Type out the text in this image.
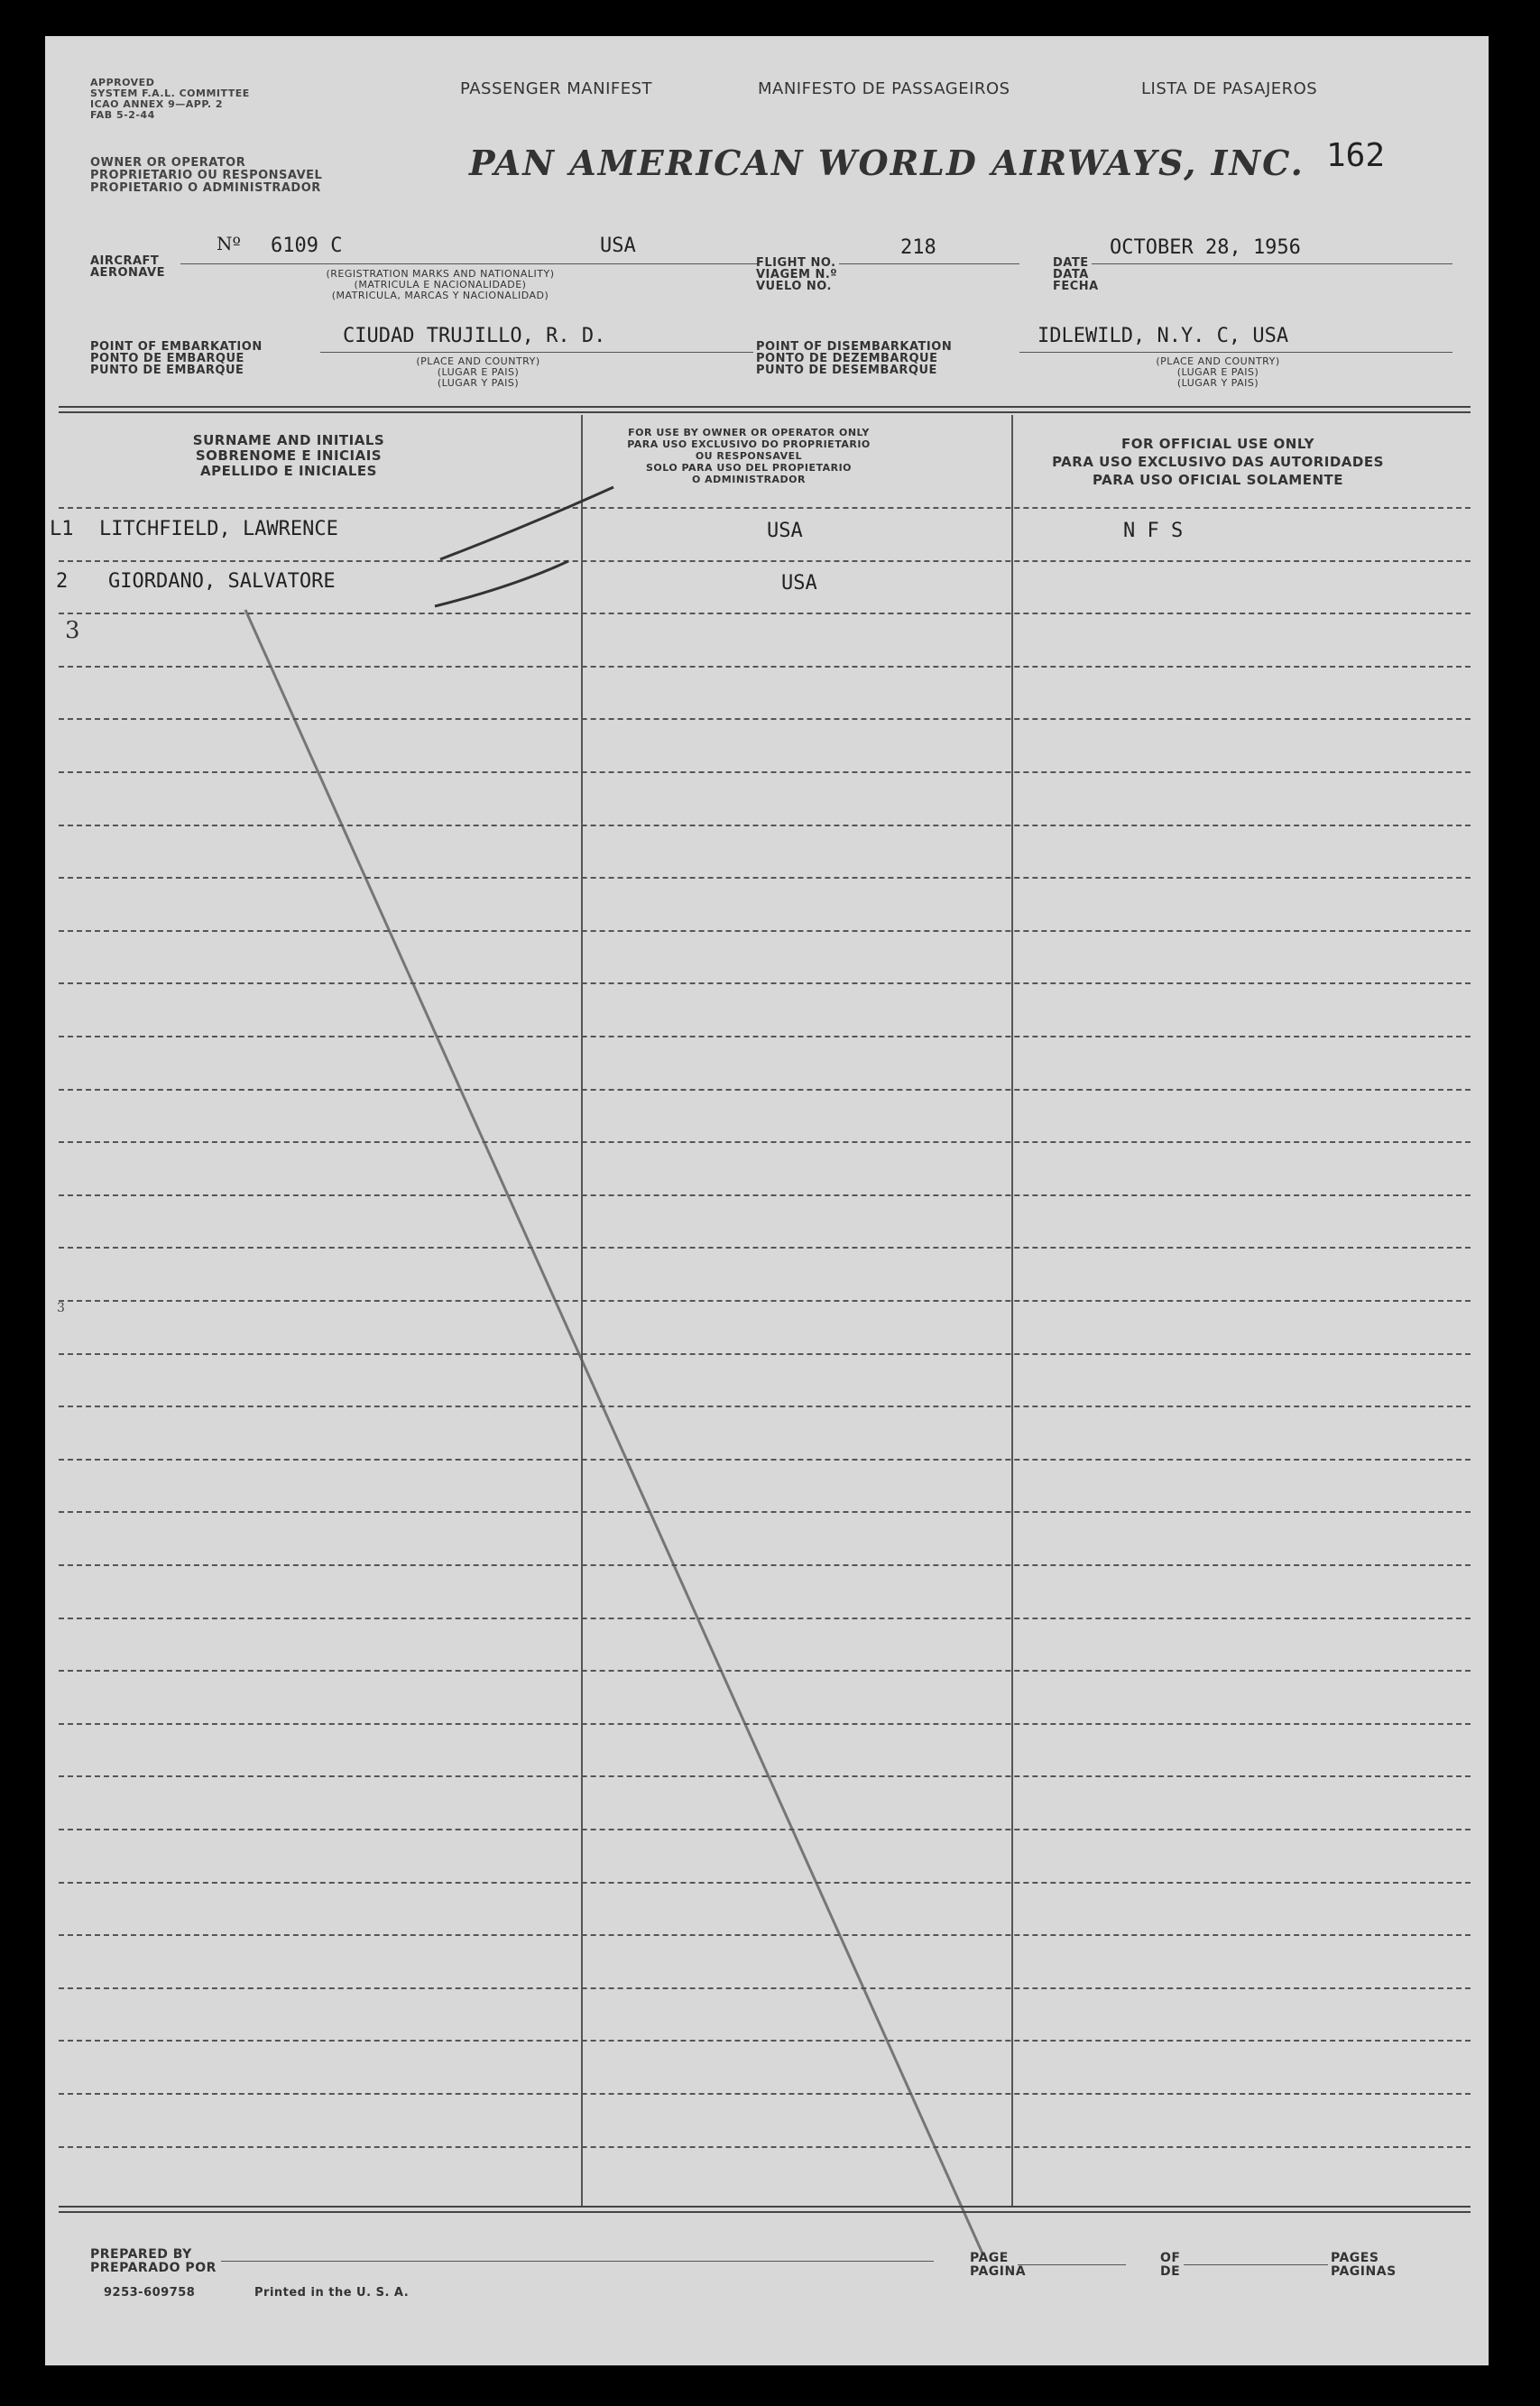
APPROVED
SYSTEM F.A.L. COMMITTEE
ICAO ANNEX 9—APP. 2
FAB 5-2-44
PASSENGER MANIFEST	MANIFESTO DE PASSAGEIROS	LISTA DE PASAJEROS
162
OWNER OR OPERATOR
PROPRIETARIO OU RESPONSAVEL
PROPIETARIO O ADMINISTRADOR
PAN AMERICAN WORLD AIRWAYS, INC.
AIRCRAFT
AERONAVE
Nº 6109 C	USA
(REGISTRATION MARKS AND NATIONALITY)
(MATRICULA E NACIONALIDADE)
(MATRICULA, MARCAS Y NACIONALIDAD)
FLIGHT NO.
VIAGEM N.º
VUELO NO.
218
DATE
DATA
FECHA
OCTOBER 28, 1956
POINT OF EMBARKATION
PONTO DE EMBARQUE
PUNTO DE EMBARQUE
CIUDAD TRUJILLO, R. D.
(PLACE AND COUNTRY)
(LUGAR E PAIS)
(LUGAR Y PAIS)
POINT OF DISEMBARKATION
PONTO DE DEZEMBARQUE
PUNTO DE DESEMBARQUE
IDLEWILD, N.Y. C, USA
(PLACE AND COUNTRY)
(LUGAR E PAIS)
(LUGAR Y PAIS)
SURNAME AND INITIALS
SOBRENOME E INICIAIS
APELLIDO E INICIALES
FOR USE BY OWNER OR OPERATOR ONLY
PARA USO EXCLUSIVO DO PROPRIETARIO
OU RESPONSAVEL
SOLO PARA USO DEL PROPIETARIO
O ADMINISTRADOR
FOR OFFICIAL USE ONLY
PARA USO EXCLUSIVO DAS AUTORIDADES
PARA USO OFICIAL SOLAMENTE
L1 LITCHFIELD, LAWRENCE	USA	N F S
2 GIORDANO, SALVATORE	USA
3
PREPARED BY
PREPARADO POR
9253-609758	Printed in the U. S. A.
PAGE
PAGINA
OF
DE
PAGES
PAGINAS
3
